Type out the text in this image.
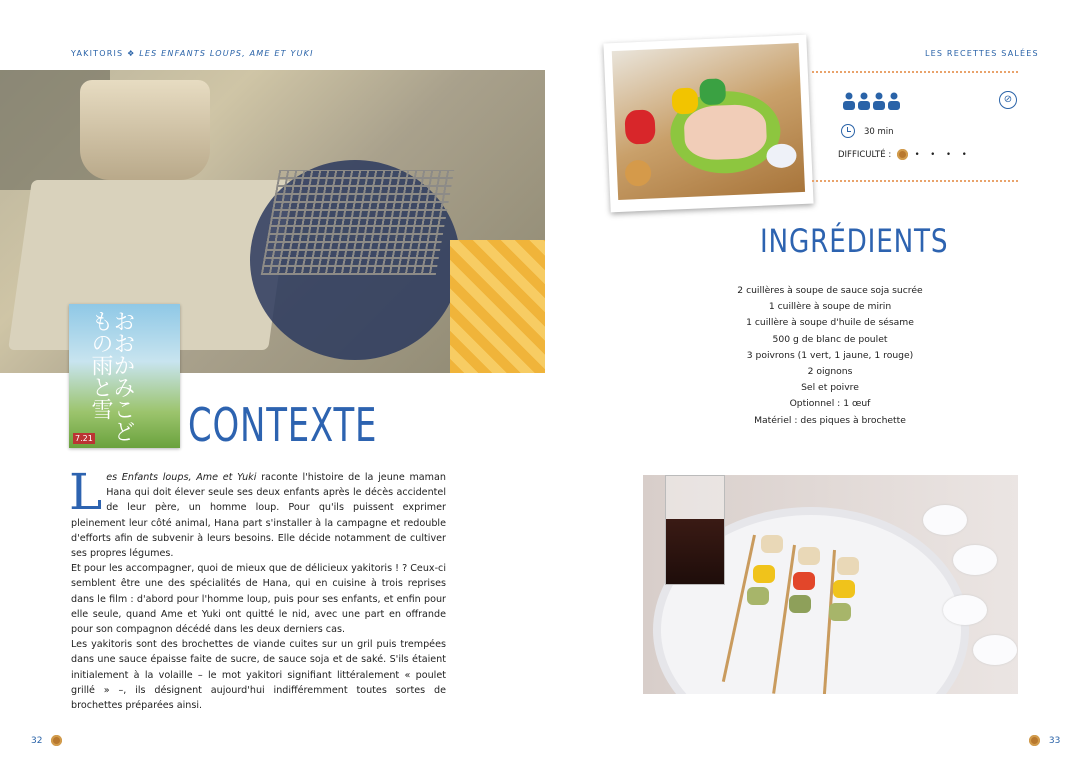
YAKITORIS ❖ LES ENFANTS LOUPS, AME ET YUKI
おおかみこどもの雨と雪
7.21 CONTEXTE
L es Enfants loups, Ame et Yuki raconte l'histoire de la jeune maman Hana qui doit élever seule ses deux enfants après le décès accidentel de leur père, un homme loup. Pour qu'ils puissent exprimer pleinement leur côté animal, Hana part s'installer à la campagne et redouble d'efforts afin de subvenir à leurs besoins. Elle décide notamment de cultiver ses propres légumes.

Et pour les accompagner, quoi de mieux que de délicieux yakitoris ! ? Ceux-ci semblent être une des spécialités de Hana, qui en cuisine à trois reprises dans le film : d'abord pour l'homme loup, puis pour ses enfants, et enfin pour elle seule, quand Ame et Yuki ont quitté le nid, avec une part en offrande pour son compagnon décédé dans les deux derniers cas.

Les yakitoris sont des brochettes de viande cuites sur un gril puis trempées dans une sauce épaisse faite de sucre, de sauce soja et de saké. S'ils étaient initialement à la volaille – le mot yakitori signifiant littéralement « poulet grillé » –, ils désignent aujourd'hui indifféremment toutes sortes de brochettes préparées ainsi.

32
LES RECETTES SALÉES
⊘
30 min
DIFFICULTÉ :	• • • •
INGRÉDIENTS
2 cuillères à soupe de sauce soja sucrée
1 cuillère à soupe de mirin
1 cuillère à soupe d'huile de sésame
500 g de blanc de poulet
3 poivrons (1 vert, 1 jaune, 1 rouge)
2 oignons
Sel et poivre
Optionnel : 1 œuf
Matériel : des piques à brochette
33
